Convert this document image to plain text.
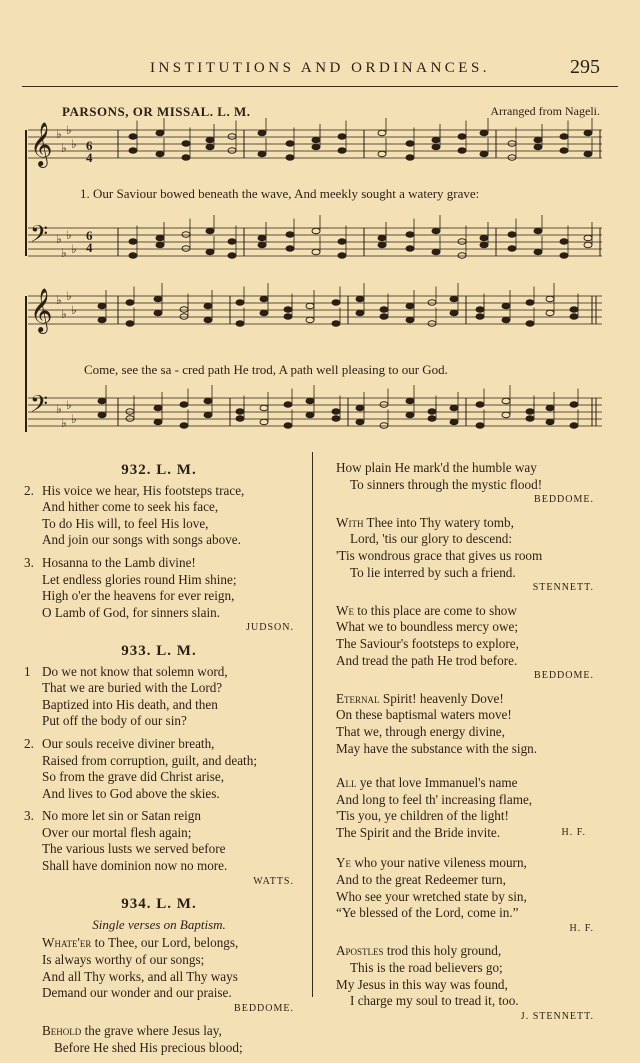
INSTITUTIONS AND ORDINANCES.	295
PARSONS, OR MISSAL. L. M.	Arranged from Nageli.
𝄞 ♭
♭
♭
♭
𝄢 ♭
♭
♭
♭
6
4
6
4
1. Our Saviour bowed beneath the wave, And meekly sought a watery grave:
𝄞 ♭
♭
♭
♭
𝄢 ♭
♭
♭
♭
Come, see the sa - cred path He trod, A path well pleasing to our God.
932. L. M.
2. His voice we hear, His footsteps trace,
And hither come to seek his face,
To do His will, to feel His love,
And join our songs with songs above.
3. Hosanna to the Lamb divine!
Let endless glories round Him shine;
High o'er the heavens for ever reign,
O Lamb of God, for sinners slain.
JUDSON.
933. L. M.
1 Do we not know that solemn word,
That we are buried with the Lord?
Baptized into His death, and then
Put off the body of our sin?
2. Our souls receive diviner breath,
Raised from corruption, guilt, and death;
So from the grave did Christ arise,
And lives to God above the skies.
3. No more let sin or Satan reign
Over our mortal flesh again;
The various lusts we served before
Shall have dominion now no more.
WATTS.
934. L. M.
Single verses on Baptism.
Whate'er to Thee, our Lord, belongs,
Is always worthy of our songs;
And all Thy works, and all Thy ways
Demand our wonder and our praise.
BEDDOME.
Behold the grave where Jesus lay,
Before He shed His precious blood;
How plain He mark'd the humble way
To sinners through the mystic flood!
BEDDOME.
With Thee into Thy watery tomb,
Lord, 'tis our glory to descend:
'Tis wondrous grace that gives us room
To lie interred by such a friend.
STENNETT.
We to this place are come to show
What we to boundless mercy owe;
The Saviour's footsteps to explore,
And tread the path He trod before.
BEDDOME.
Eternal Spirit! heavenly Dove!
On these baptismal waters move!
That we, through energy divine,
May have the substance with the sign.
All ye that love Immanuel's name
And long to feel th' increasing flame,
'Tis you, ye children of the light!
The Spirit and the Bride invite.	H. F.
Ye who your native vileness mourn,
And to the great Redeemer turn,
Who see your wretched state by sin,
“Ye blessed of the Lord, come in.”
H. F.
Apostles trod this holy ground,
This is the road believers go;
My Jesus in this way was found,
I charge my soul to tread it, too.
J. STENNETT.
